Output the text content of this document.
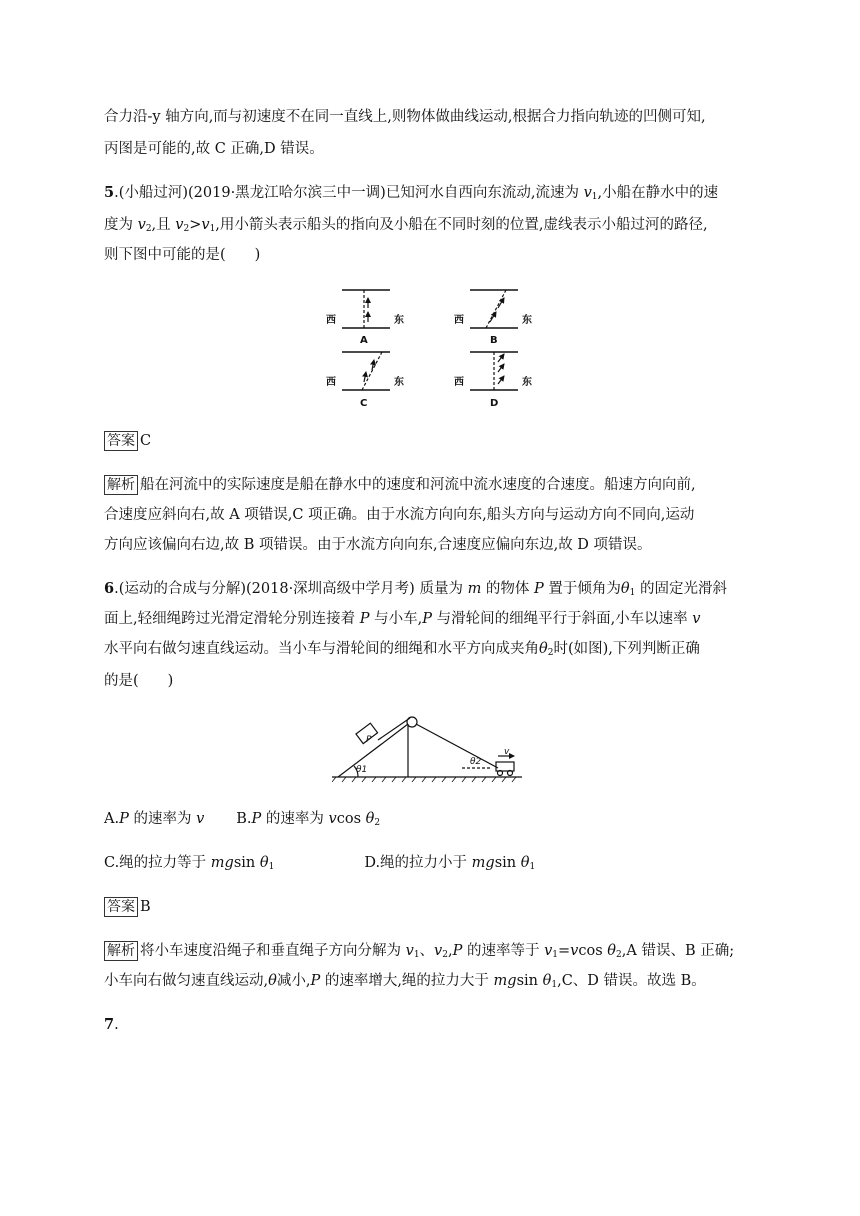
合力沿-y 轴方向,而与初速度不在同一直线上,则物体做曲线运动,根据合力指向轨迹的凹侧可知,

丙图是可能的,故 C 正确,D 错误。

5.(小船过河)(2019·黑龙江哈尔滨三中一调)已知河水自西向东流动,流速为 $v_1$,小船在静水中的速

度为 $v_2$,且 $v_2>v_1$,用小箭头表示船头的指向及小船在不同时刻的位置,虚线表示小船过河的路径,

则下图中可能的是(　　)

西	东	西	东
西	东	西	东
A	B
C	D

答案 C

解析 船在河流中的实际速度是船在静水中的速度和河流中流水速度的合速度。船速方向向前,

合速度应斜向右,故 A 项错误,C 项正确。由于水流方向向东,船头方向与运动方向不同向,运动

方向应该偏向右边,故 B 项错误。由于水流方向向东,合速度应偏向东边,故 D 项错误。

6.(运动的合成与分解)(2018·深圳高级中学月考) 质量为 m 的物体 P 置于倾角为$\theta_1$ 的固定光滑斜

面上,轻细绳跨过光滑定滑轮分别连接着 P 与小车,P 与滑轮间的细绳平行于斜面,小车以速率 v

水平向右做匀速直线运动。当小车与滑轮间的细绳和水平方向成夹角$\theta_2$时(如图),下列判断正确

的是(　　)

P
θ1
θ2
v

A.P 的速率为 v B.P 的速率为 vcos $\theta_2$

C.绳的拉力等于 mgsin $\theta_1$	D.绳的拉力小于 mgsin $\theta_1$

答案 B

解析 将小车速度沿绳子和垂直绳子方向分解为 $v_1$、$v_2,P$ 的速率等于 $v_1=vcos$ $\theta_2,A$ 错误、B 正确;

小车向右做匀速直线运动,θ减小,P 的速率增大,绳的拉力大于 mgsin $\theta_1,C$、D 错误。故选 B。

7.
